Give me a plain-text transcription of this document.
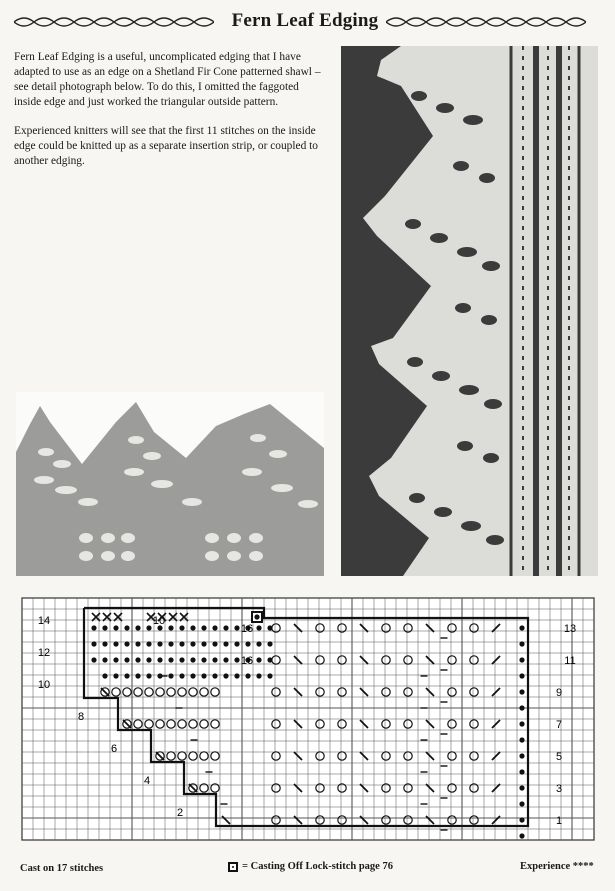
Fern Leaf Edging

Fern Leaf Edging is a useful, uncomplicated edging that I have adapted to use as an edge on a Shetland Fir Cone patterned shawl – see detail photograph below. To do this, I omitted the faggoted inside edge and just worked the triangular outside pattern.

Experienced knitters will see that the first 11 stitches on the inside edge could be knitted up as a separate insertion strip, or coupled to another edging.

14
12
10
8
6
4
2
13
11
9
7
5
3
1
10
16
16
Cast on 17 stitches	= Casting Off Lock-stitch page 76	Experience ****
